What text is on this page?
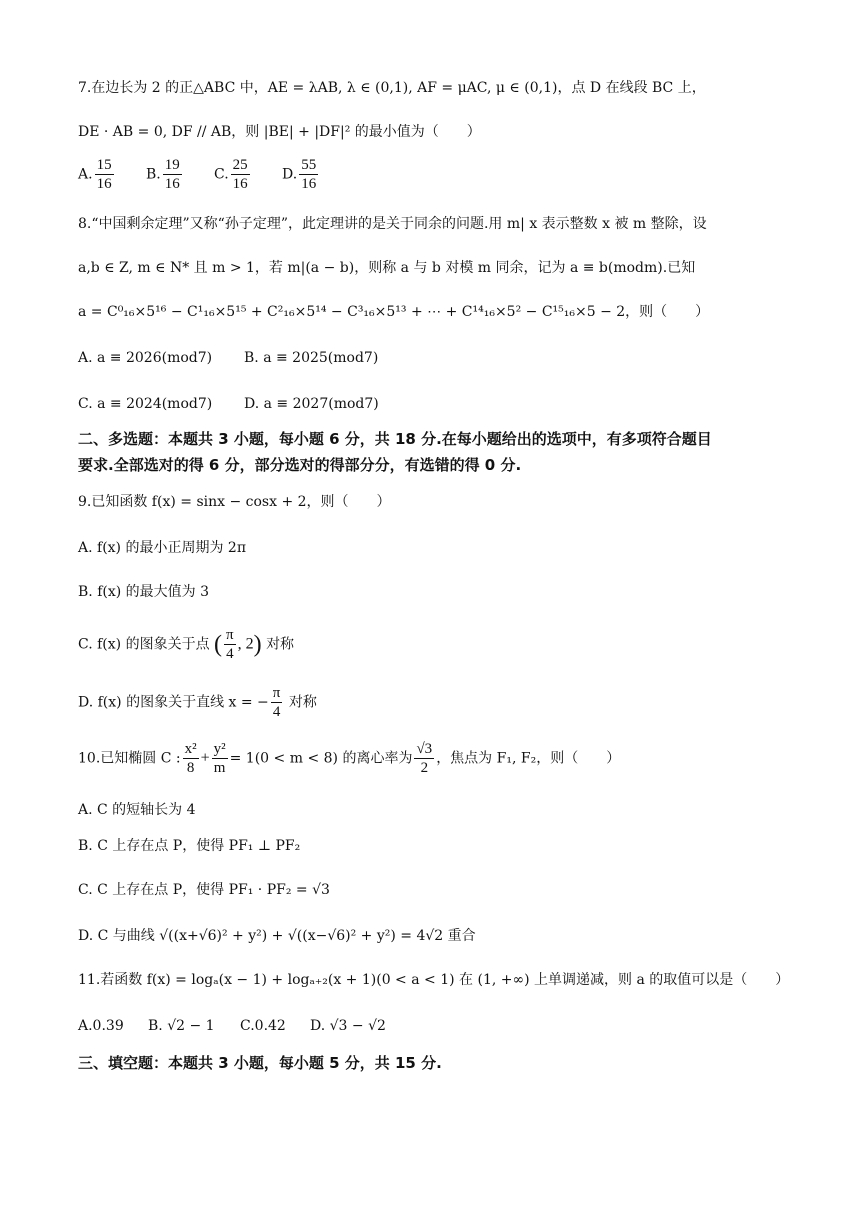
7.在边长为 2 的正△ABC 中，AE = λAB, λ ∈ (0,1), AF = μAC, μ ∈ (0,1)，点 D 在线段 BC 上，
DE · AB = 0, DF // AB，则 |BE| + |DF|² 的最小值为（　　）
A. $\frac{15}{16} B$. $\frac{19}{16} C$. $\frac{25}{16} D$. $\frac{55}{16}$
8.“中国剩余定理”又称“孙子定理”，此定理讲的是关于同余的问题.用 m| x 表示整数 x 被 m 整除，设
a,b ∈ Z, m ∈ N* 且 m > 1，若 m|(a − b)，则称 a 与 b 对模 m 同余，记为 a ≡ b(modm).已知
a = C⁰₁₆×5¹⁶ − C¹₁₆×5¹⁵ + C²₁₆×5¹⁴ − C³₁₆×5¹³ + ⋯ + C¹⁴₁₆×5² − C¹⁵₁₆×5 − 2，则（　　）
A. a ≡ 2026(mod7) B. a ≡ 2025(mod7)
C. a ≡ 2024(mod7) D. a ≡ 2027(mod7)
二、多选题：本题共 3 小题，每小题 6 分，共 18 分.在每小题给出的选项中，有多项符合题目
要求.全部选对的得 6 分，部分选对的得部分分，有选错的得 0 分.
9.已知函数 f(x) = sinx − cosx + 2，则（　　）
A. f(x) 的最小正周期为 2π
B. f(x) 的最大值为 3
C. f(x) 的图象关于点 ( $\frac{\pi}{4}$ , 2) 对称
D. f(x) 的图象关于直线 x = − $\frac{\pi}{4}$ 对称
10.已知椭圆 C : $\frac{\text{x²}}{8} + \frac{\text{y²}}{m} = 1(0 < m < 8)$ 的离心率为 $\frac{√3}{2}$ ，焦点为 F₁, F₂，则（　　）
A. C 的短轴长为 4
B. C 上存在点 P，使得 PF₁ ⊥ PF₂
C. C 上存在点 P，使得 PF₁ · PF₂ = √3
D. C 与曲线 √((x+√6)² + y²) + √((x−√6)² + y²) = 4√2 重合
11.若函数 f(x) = logₐ(x − 1) + logₐ₊₂(x + 1)(0 < a < 1) 在 (1, +∞) 上单调递减，则 a 的取值可以是（　　）
A.0.39 B. √2 − 1 C.0.42 D. √3 − √2
三、填空题：本题共 3 小题，每小题 5 分，共 15 分.
